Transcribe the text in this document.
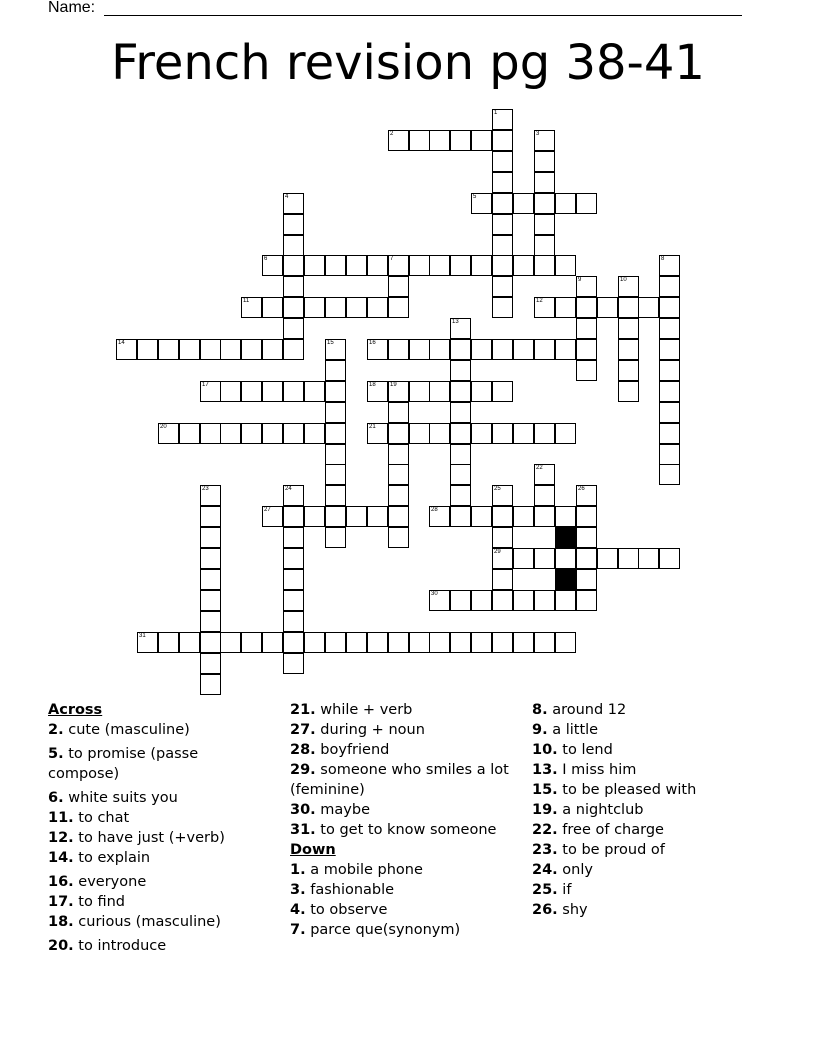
Name:
French revision pg 38-41
1
2	3
4	5
6	7	8
9	10
11	12
13
14	15	16
17	18 19
20	21
22
23	24	25	26
27	28
29
30
31
Across
2. cute (masculine)
5. to promise (passe compose)
6. white suits you
11. to chat
12. to have just (+verb)
14. to explain
16. everyone
17. to find
18. curious (masculine)
20. to introduce
21. while + verb
27. during + noun
28. boyfriend
29. someone who smiles a lot (feminine)
30. maybe
31. to get to know someone
Down
1. a mobile phone
3. fashionable
4. to observe
7. parce que(synonym)
8. around 12
9. a little
10. to lend
13. I miss him
15. to be pleased with
19. a nightclub
22. free of charge
23. to be proud of
24. only
25. if
26. shy
